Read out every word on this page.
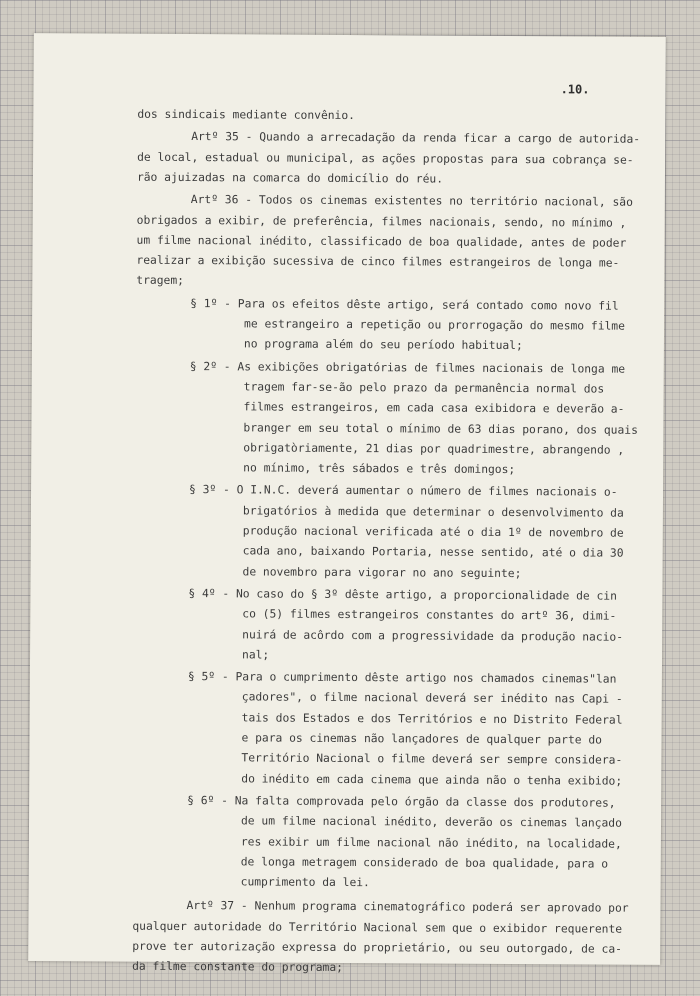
.10.
dos sindicais mediante convênio.
Artº 35 - Quando a arrecadação da renda ficar a cargo de autorida-
de local, estadual ou municipal, as ações propostas para sua cobrança se-
rão ajuizadas na comarca do domicílio do réu.
Artº 36 - Todos os cinemas existentes no território nacional, são
obrigados a exibir, de preferência, filmes nacionais, sendo, no mínimo ,
um filme nacional inédito, classificado de boa qualidade, antes de poder
realizar a exibição sucessiva de cinco filmes estrangeiros de longa me-
tragem;
§ 1º - Para os efeitos dêste artigo, será contado como novo fil
me estrangeiro a repetição ou prorrogação do mesmo filme
no programa além do seu período habitual;
§ 2º - As exibições obrigatórias de filmes nacionais de longa me
tragem far-se-ão pelo prazo da permanência normal dos
filmes estrangeiros, em cada casa exibidora e deverão a-
branger em seu total o mínimo de 63 dias porano, dos quais
obrigatòriamente, 21 dias por quadrimestre, abrangendo ,
no mínimo, três sábados e três domingos;
§ 3º - O I.N.C. deverá aumentar o número de filmes nacionais o-
brigatórios à medida que determinar o desenvolvimento da
produção nacional verificada até o dia 1º de novembro de
cada ano, baixando Portaria, nesse sentido, até o dia 30
de novembro para vigorar no ano seguinte;
§ 4º - No caso do § 3º dêste artigo, a proporcionalidade de cin
co (5) filmes estrangeiros constantes do artº 36, dimi-
nuirá de acôrdo com a progressividade da produção nacio-
nal;
§ 5º - Para o cumprimento dêste artigo nos chamados cinemas"lan
çadores", o filme nacional deverá ser inédito nas Capi -
tais dos Estados e dos Territórios e no Distrito Federal
e para os cinemas não lançadores de qualquer parte do
Território Nacional o filme deverá ser sempre considera-
do inédito em cada cinema que ainda não o tenha exibido;
§ 6º - Na falta comprovada pelo órgão da classe dos produtores,
de um filme nacional inédito, deverão os cinemas lançado
res exibir um filme nacional não inédito, na localidade,
de longa metragem considerado de boa qualidade, para o
cumprimento da lei.
Artº 37 - Nenhum programa cinematográfico poderá ser aprovado por
qualquer autoridade do Território Nacional sem que o exibidor requerente
prove ter autorização expressa do proprietário, ou seu outorgado, de ca-
da filme constante do programa;
